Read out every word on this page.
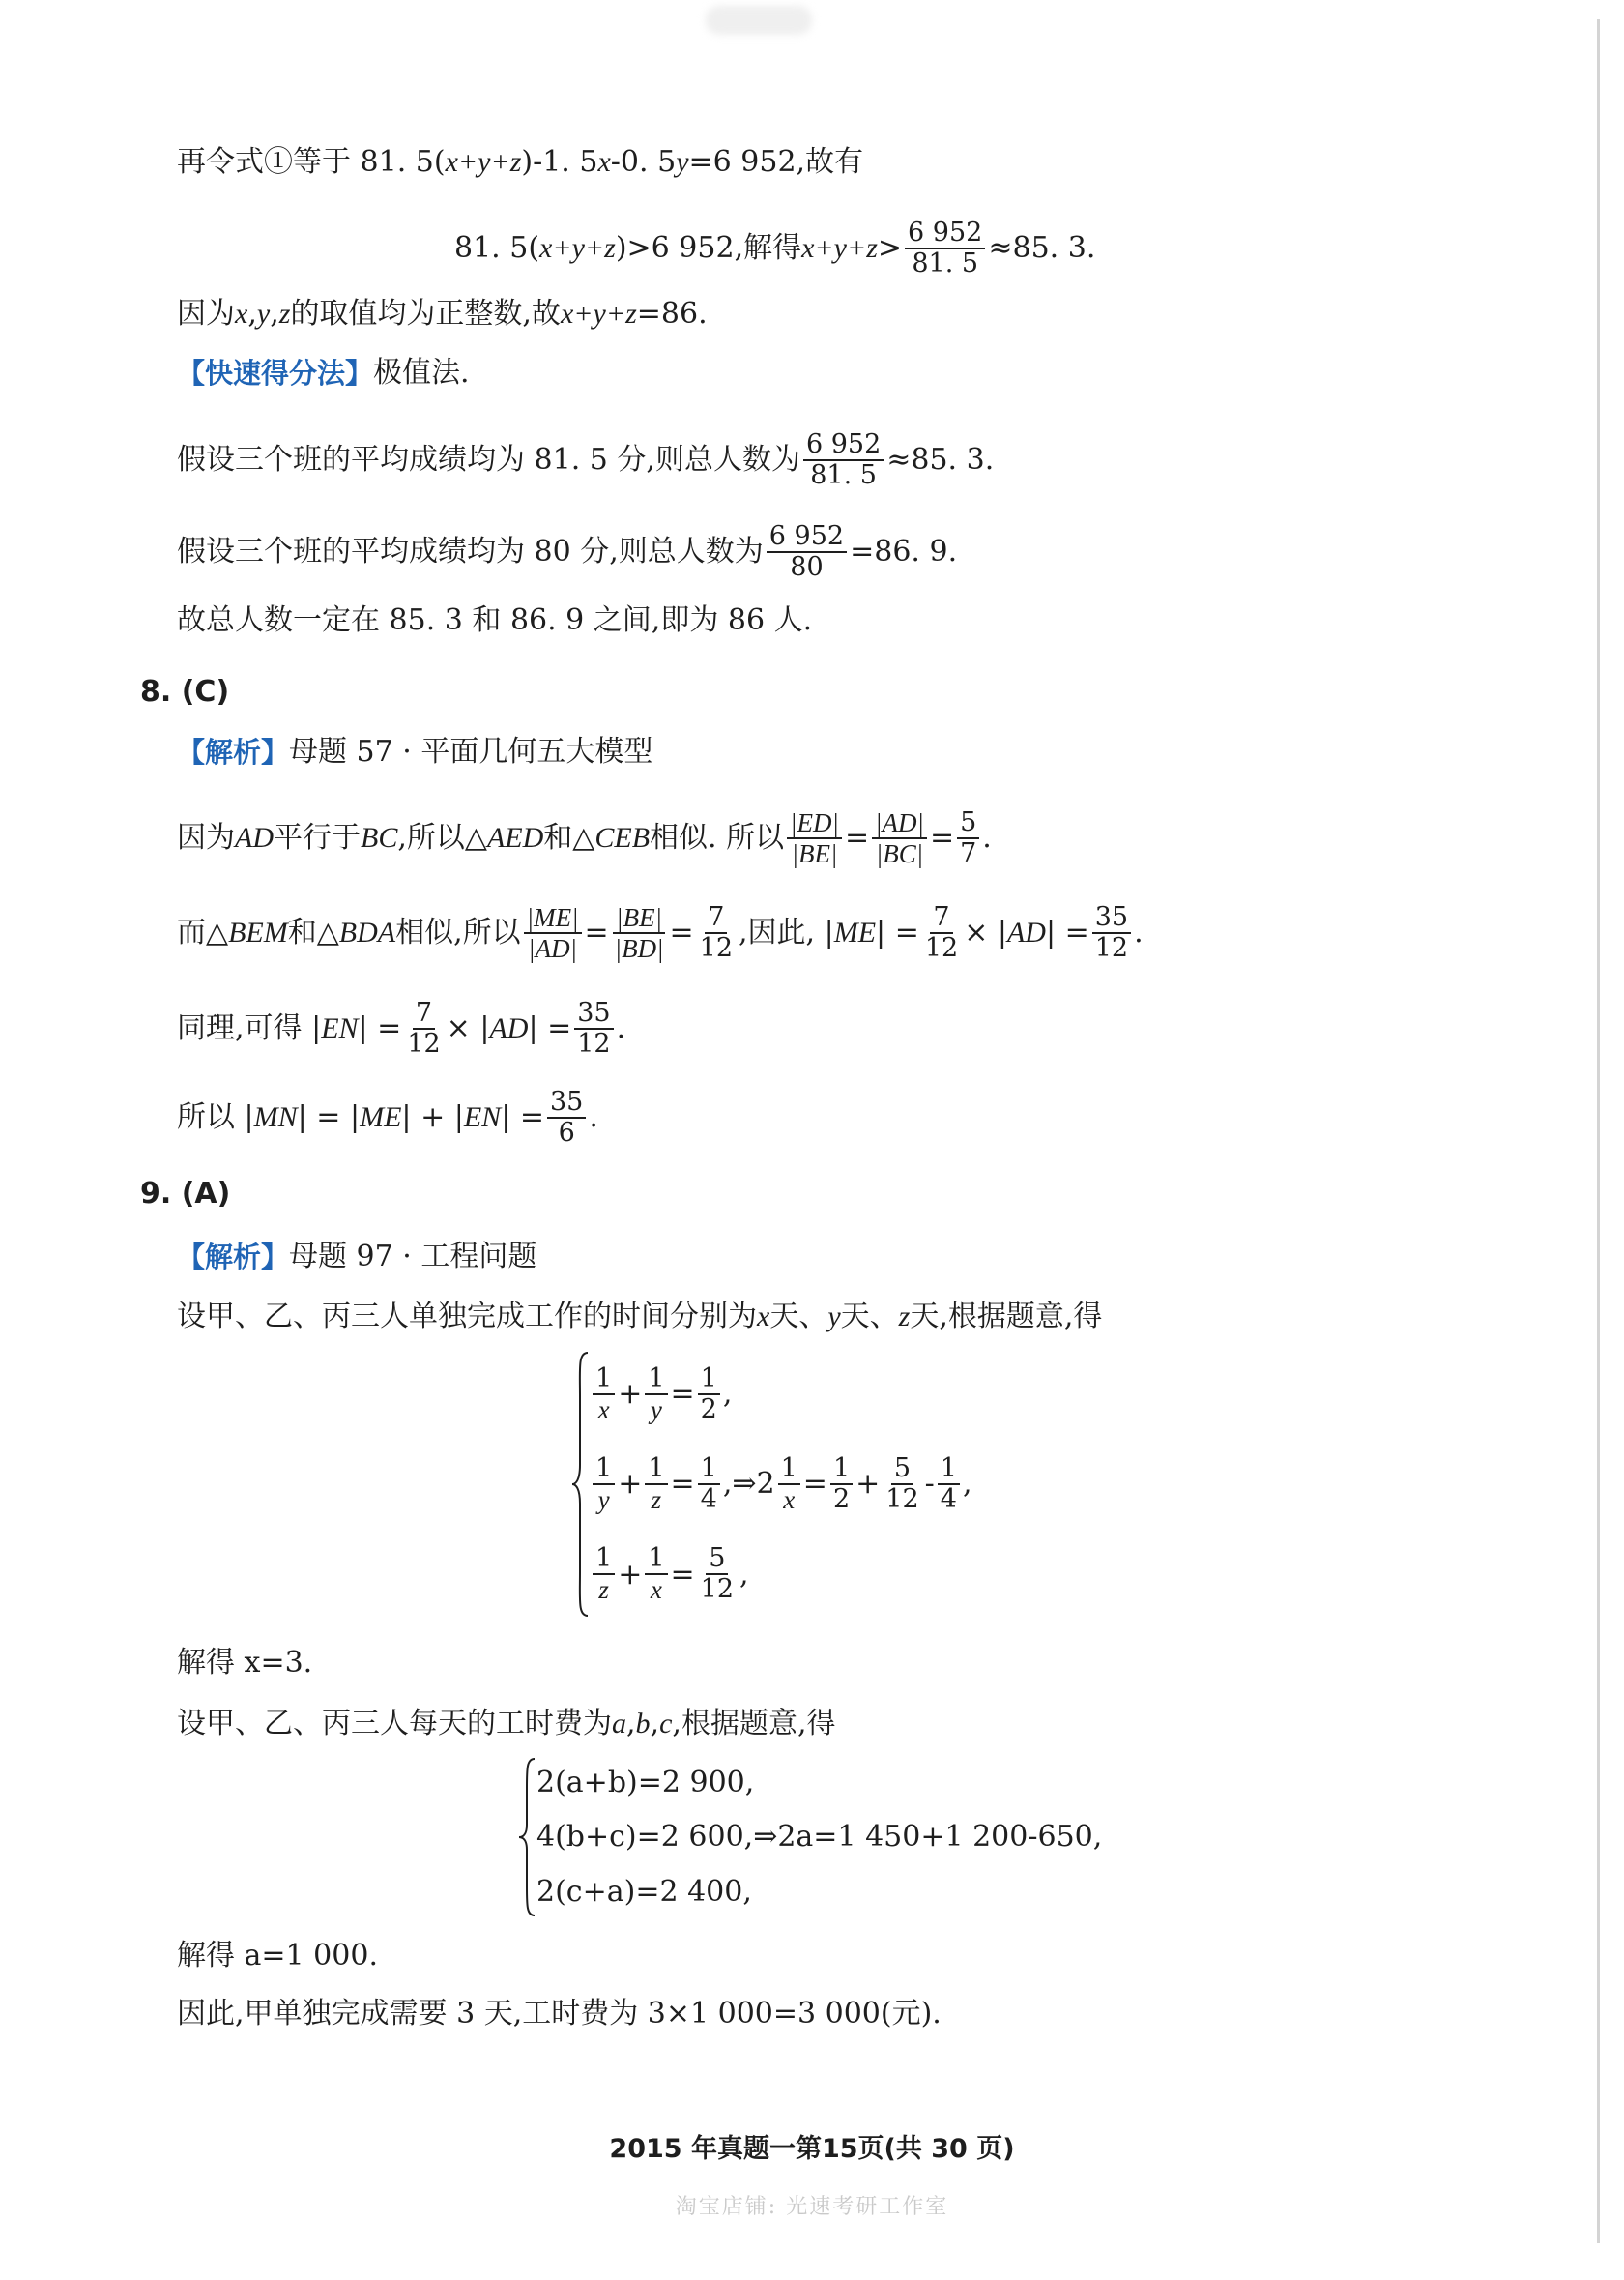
再令式①等于 81. 5( x+y+z )-1. 5 x -0. 5 y =6 952,故有
81. 5( x+y+z )>6 952,解得 $x+y+z > \frac{6 952}{81. 5} \approx 85$. 3.
因为 x , y , z 的取值均为正整数,故 x+y+z =86.
【快速得分法】 极值法.
假设三个班的平均成绩均为 81. 5 分,则总人数为 $\frac{6 952}{81. 5} \approx 85$. 3.
假设三个班的平均成绩均为 80 分,则总人数为 $\frac{6 952}{80} =86$. 9.
故总人数一定在 85. 3 和 86. 9 之间,即为 86 人.
8. (C)
【解析】 母题 57 · 平面几何五大模型
因为 AD 平行于 BC ,所以△ AED 和△ CEB 相似. 所以 $\frac{|ED|}{|BE|} = \frac{|AD|}{|BC|} = \frac{5}{7}$ .
而△ BEM 和△ BDA 相似,所以 $\frac{|ME|}{|AD|} = \frac{|BE|}{|BD|} = \frac{7}{12}$ ,因此, | ME | = $\frac{7}{12}$ × | AD | = $\frac{35}{12}$ .
同理,可得 | EN | = $\frac{7}{12}$ × | AD | = $\frac{35}{12}$ .
所以 | MN | = | ME | + | EN | = $\frac{35}{6}$ .
9. (A)
【解析】 母题 97 · 工程问题
设甲、乙、丙三人单独完成工作的时间分别为 x 天、 y 天、 z 天,根据题意,得
$\frac{1}{x} + \frac{1}{y} = \frac{1}{2}$ ,
$\frac{1}{y} + \frac{1}{z} = \frac{1}{4}$ ,⇒2 $\frac{1}{x} = \frac{1}{2} + \frac{5}{12} - \frac{1}{4}$ ,
$\frac{1}{z} + \frac{1}{x} = \frac{5}{12}$ ,
解得 x=3.
设甲、乙、丙三人每天的工时费为 a , b , c ,根据题意,得
2(a+b)=2 900,
4(b+c)=2 600,⇒2a=1 450+1 200-650,
2(c+a)=2 400,
解得 a=1 000.
因此,甲单独完成需要 3 天,工时费为 3×1 000=3 000(元).
2015 年真题一第15页(共 30 页)
淘宝店铺: 光速考研工作室
